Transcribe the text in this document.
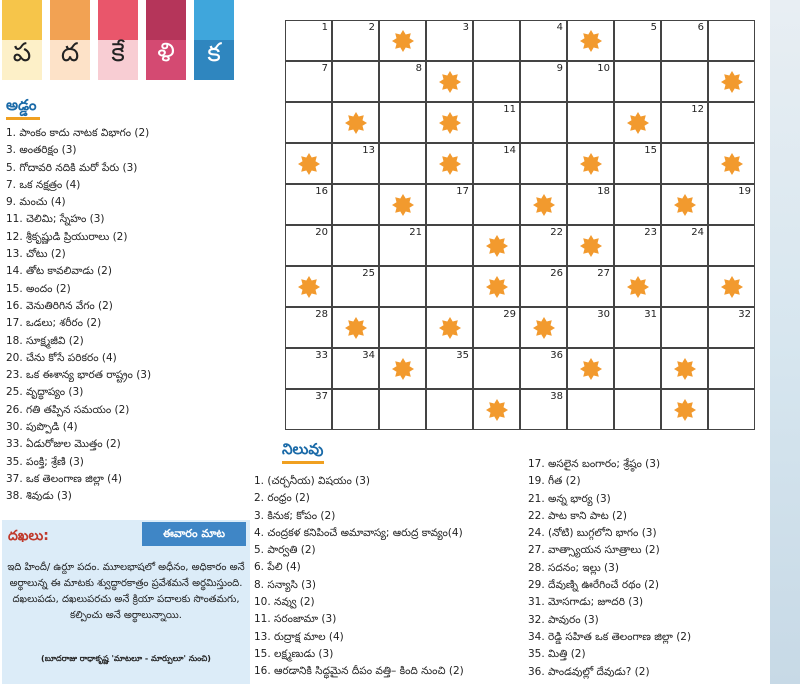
ప	ద	కే	ళి	క
అడ్డం
1. పాంకం కాదు నాటక విభాగం (2)
3. అంతరిక్షం (3)
5. గోదావరి నదికి మరో పేరు (3)
7. ఒక నక్షత్రం (4)
9. మంచు (4)
11. చెలిమి; స్నేహం (3)
12. శ్రీకృష్ణుడి ప్రియురాలు (2)
13. చోటు (2)
14. తోట కావలివాడు (2)
15. అందం (2)
16. వెనుతిరిగిన వేగం (2)
17. ఒడలు; శరీరం (2)
18. సూక్ష్మజీవి (2)
20. చేను కోసే పరికరం (4)
23. ఒక ఈశాన్య భారత రాష్ట్రం (3)
25. వృద్ధాప్యం (3)
26. గతి తప్పిన సమయం (2)
30. పుప్పొడి (4)
33. ఏడురోజుల మొత్తం (2)
35. పంక్తి; శ్రేణి (3)
37. ఒక తెలంగాణ జిల్లా (4)
38. శివుడు (3)
నిలువు
1. (చర్చనీయ) విషయం (3)
2. రంధ్రం (2)
3. కినుక; కోపం (2)
4. చంద్రకళ కనిపించే అమావాస్య; ఆరుద్ర కావ్యం(4)
5. పార్వతి (2)
6. పేలి (4)
8. సన్యాసి (3)
10. నవ్వు (2)
11. సరంజామా (3)
13. రుద్రాక్ష మాల (4)
15. లక్ష్మణుడు (3)
16. ఆరడానికి సిద్ధమైన దీపం వత్తి– కింది నుంచి (2)
17. అసలైన బంగారం; శ్రేష్ఠం (3)
19. గీత (2)
21. అన్న భార్య (3)
22. పాట కాని పాట (2)
24. (నోటి) బుగ్గలోని భాగం (3)
27. వాత్స్యాయన సూత్రాలు (2)
28. సదనం; ఇల్లు (3)
29. దేవుణ్ని ఊరేగించే రథం (2)
31. మోసగాడు; జూదరి (3)
32. పావురం (3)
34. రెడ్డి సహిత ఒక తెలంగాణ జిల్లా (2)
35. మిత్తి (2)
36. పాండవుల్లో దేవుడు? (2)
1	2	3	4	5	6
7	8	9	10
11	12
13	14	15
16	17	18	19
20	21	22	23	24
25	26	27
28	29	30	31	32
33	34	35	36
37	38
దఖలు:	ఈవారం మాట
ఇది హిందీ/ ఉర్దూ పదం. మూలభాషలో అధీనం, అధికారం అనే అర్థాలున్న ఈ మాటకు శ్వుద్ధారకాత్రం ప్రవేశమనే అర్థమిస్తుంది. దఖలుపడు, దఖలుపరచు అనే క్రియా పదాలకు సొంతమగు, కల్పించు అనే అర్థాలున్నాయి.
(బూదరాజు రాధాకృష్ణ 'మాటలూ - మార్పులూ' నుంచి)
